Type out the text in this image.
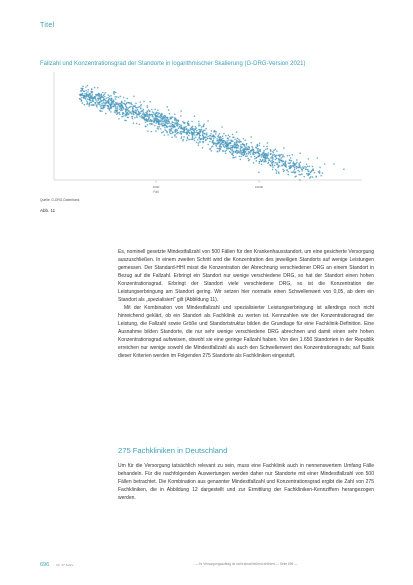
Titel
Fallzahl und Konzentrationsgrad der Standorte in logarithmischer Skalierung (G-DRG-Version 2021)
1000	10000
Fall
Quelle: G-DRG-Datenbank
Abb. 11

Es, nominell gesetzte Mindestfallzahl von 500 Fällen für den Krankenhausstandort, um eine gesicherte Versorgung auszuschließen. In einem zweiten Schritt wird die Konzentration des jeweiligen Standorts auf wenige Leistungen gemessen. Der Standard-HHI misst die Konzentration der Abrechnung verschiedener DRG an einem Standort in Bezug auf die Fallzahl. Erbringt ein Standort nur wenige verschiedene DRG, so hat der Standort einen hohen Konzentrationsgrad. Erbringt der Standort viele verschiedene DRG, so ist die Konzentration der Leistungserbringung am Standort gering. Wir setzen hier normativ einen Schwellenwert von 0,05, ab dem ein Standort als „spezialisiert“ gilt (Abbildung 11).

Mit der Kombination von Mindestfallzahl und spezialisierter Leistungserbringung ist allerdings noch nicht hinreichend geklärt, ob ein Standort als Fachklinik zu werten ist. Kennzahlen wie der Konzentrationsgrad der Leistung, die Fallzahl sowie Größe und Standortstruktur bilden die Grundlage für eine Fachklinik-Definition. Eine Ausnahme bilden Standorte, die nur sehr wenige verschiedene DRG abrechnen und damit einen sehr hohen Konzentrationsgrad aufweisen, obwohl sie eine geringe Fallzahl haben. Von den 1.650 Standorten in der Republik erreichen nur wenige sowohl die Mindestfallzahl als auch den Schwellenwert des Konzentrationsgrads; auf Basis dieser Kriterien werden im Folgenden 275 Standorte als Fachkliniken eingestuft.

275 Fachkliniken in Deutschland

Um für die Versorgung tatsächlich relevant zu sein, muss eine Fachklinik auch in nennenswertem Umfang Fälle behandeln. Für die nachfolgenden Auswertungen werden daher nur Standorte mit einer Mindestfallzahl von 500 Fällen betrachtet. Die Kombination aus genannter Mindestfallzahl und Konzentrationsgrad ergibt die Zahl von 275 Fachkliniken, die in Abbildung 12 dargestellt und zur Ermittlung der Fachkliniken-Kennziffern herangezogen werden.

696 Ch. 27 Jahrs.	— Ihr Versorgungsauftrag ist nicht abschließend definiert — Seite 696 —
